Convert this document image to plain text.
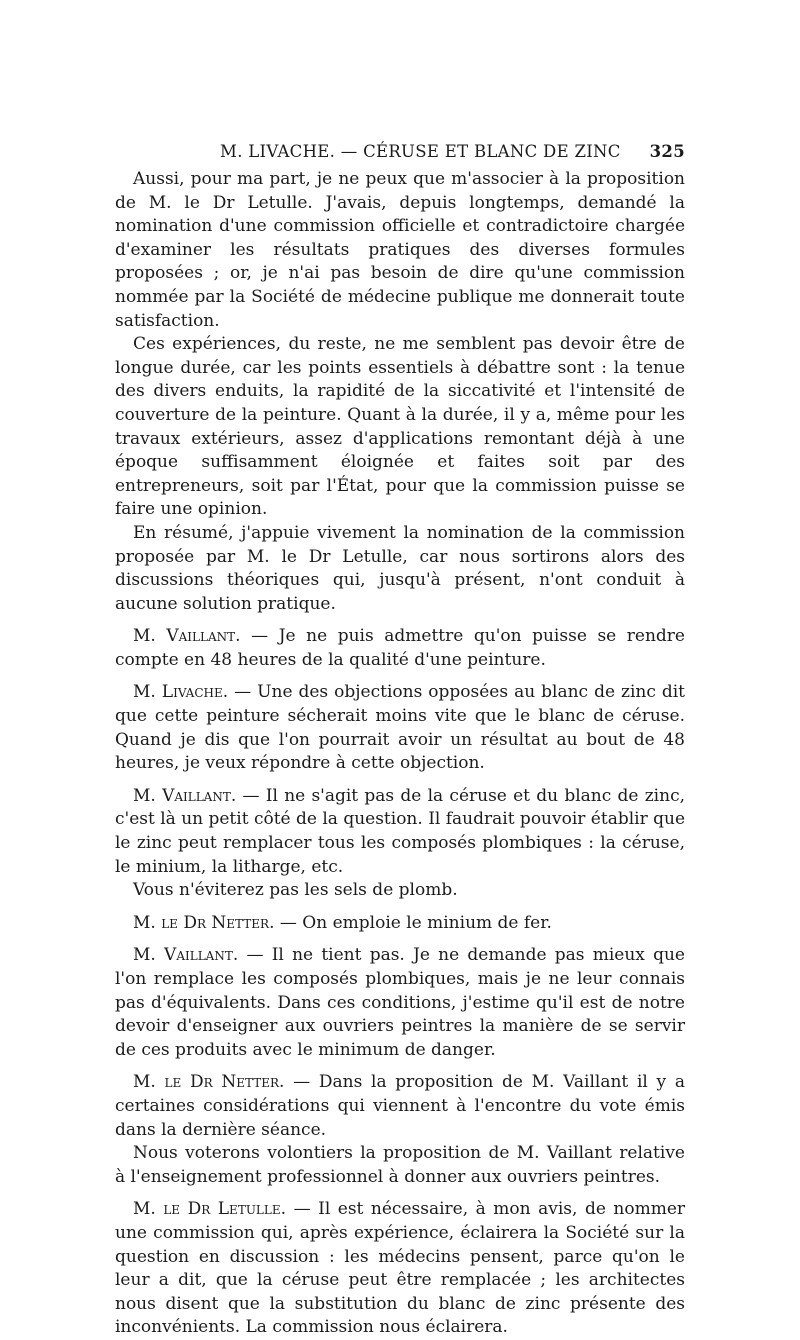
M. LIVACHE. — CÉRUSE ET BLANC DE ZINC 325

Aussi, pour ma part, je ne peux que m'associer à la proposition de M. le Dr Letulle. J'avais, depuis longtemps, demandé la nomination d'une commission officielle et contradictoire chargée d'examiner les résultats pratiques des diverses formules proposées ; or, je n'ai pas besoin de dire qu'une commission nommée par la Société de médecine publique me donnerait toute satisfaction.

Ces expériences, du reste, ne me semblent pas devoir être de longue durée, car les points essentiels à débattre sont : la tenue des divers enduits, la rapidité de la siccativité et l'intensité de couverture de la peinture. Quant à la durée, il y a, même pour les travaux extérieurs, assez d'applications remontant déjà à une époque suffisamment éloignée et faites soit par des entrepreneurs, soit par l'État, pour que la commission puisse se faire une opinion.

En résumé, j'appuie vivement la nomination de la commission proposée par M. le Dr Letulle, car nous sortirons alors des discussions théoriques qui, jusqu'à présent, n'ont conduit à aucune solution pratique.

M. Vaillant. — Je ne puis admettre qu'on puisse se rendre compte en 48 heures de la qualité d'une peinture.

M. Livache. — Une des objections opposées au blanc de zinc dit que cette peinture sécherait moins vite que le blanc de céruse. Quand je dis que l'on pourrait avoir un résultat au bout de 48 heures, je veux répondre à cette objection.

M. Vaillant. — Il ne s'agit pas de la céruse et du blanc de zinc, c'est là un petit côté de la question. Il faudrait pouvoir établir que le zinc peut remplacer tous les composés plombiques : la céruse, le minium, la litharge, etc.

Vous n'éviterez pas les sels de plomb.

M. le Dr Netter. — On emploie le minium de fer.

M. Vaillant. — Il ne tient pas. Je ne demande pas mieux que l'on remplace les composés plombiques, mais je ne leur connais pas d'équivalents. Dans ces conditions, j'estime qu'il est de notre devoir d'enseigner aux ouvriers peintres la manière de se servir de ces produits avec le minimum de danger.

M. le Dr Netter. — Dans la proposition de M. Vaillant il y a certaines considérations qui viennent à l'encontre du vote émis dans la dernière séance.

Nous voterons volontiers la proposition de M. Vaillant relative à l'enseignement professionnel à donner aux ouvriers peintres.

M. le Dr Letulle. — Il est nécessaire, à mon avis, de nommer une commission qui, après expérience, éclairera la Société sur la question en discussion : les médecins pensent, parce qu'on le leur a dit, que la céruse peut être remplacée ; les architectes nous disent que la substitution du blanc de zinc présente des inconvénients. La commission nous éclairera.
